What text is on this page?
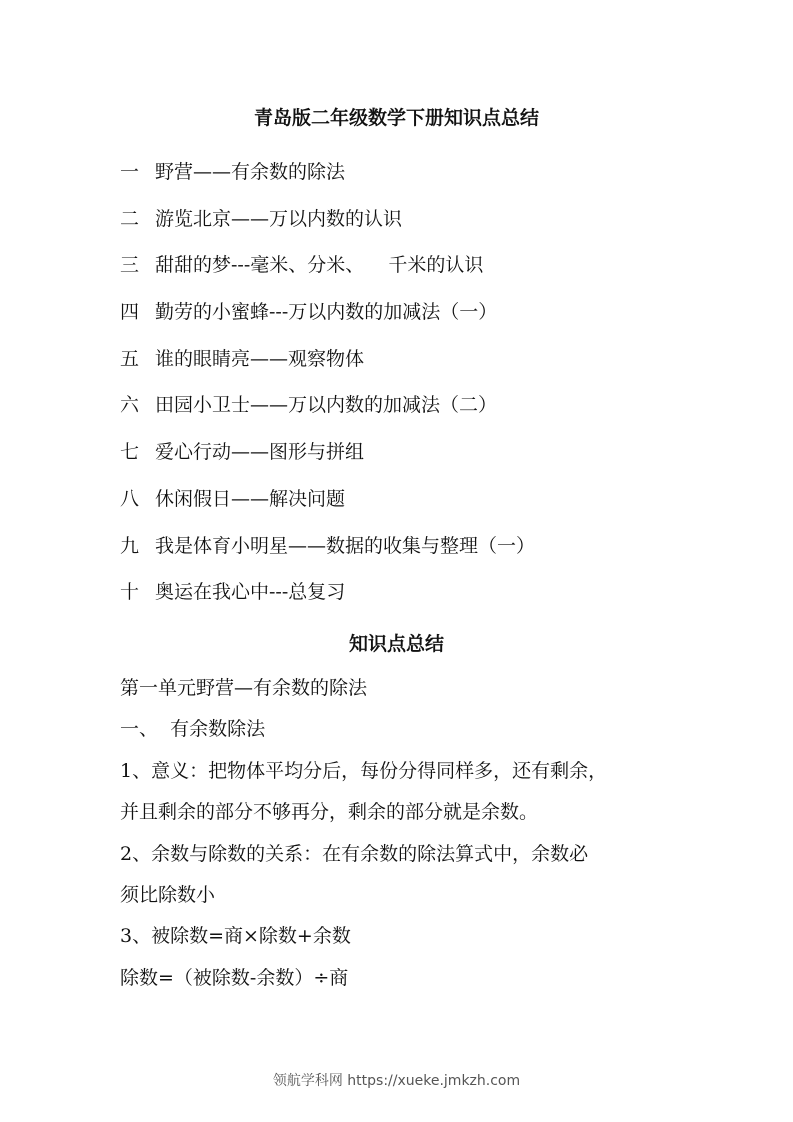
青岛版二年级数学下册知识点总结
一 野营——有余数的除法
二 游览北京——万以内数的认识
三 甜甜的梦---毫米、分米、    千米的认识
四 勤劳的小蜜蜂---万以内数的加减法（一）
五 谁的眼睛亮——观察物体
六 田园小卫士——万以内数的加减法（二）
七 爱心行动——图形与拼组
八 休闲假日——解决问题
九 我是体育小明星——数据的收集与整理（一）
十 奥运在我心中---总复习
知识点总结
第一单元野营—有余数的除法
一、  有余数除法
1、意义：把物体平均分后，每份分得同样多，还有剩余，
并且剩余的部分不够再分，剩余的部分就是余数。
2、余数与除数的关系：在有余数的除法算式中，余数必
须比除数小
3、被除数=商×除数+余数
除数=（被除数-余数）÷商
领航学科网 https://xueke.jmkzh.com
